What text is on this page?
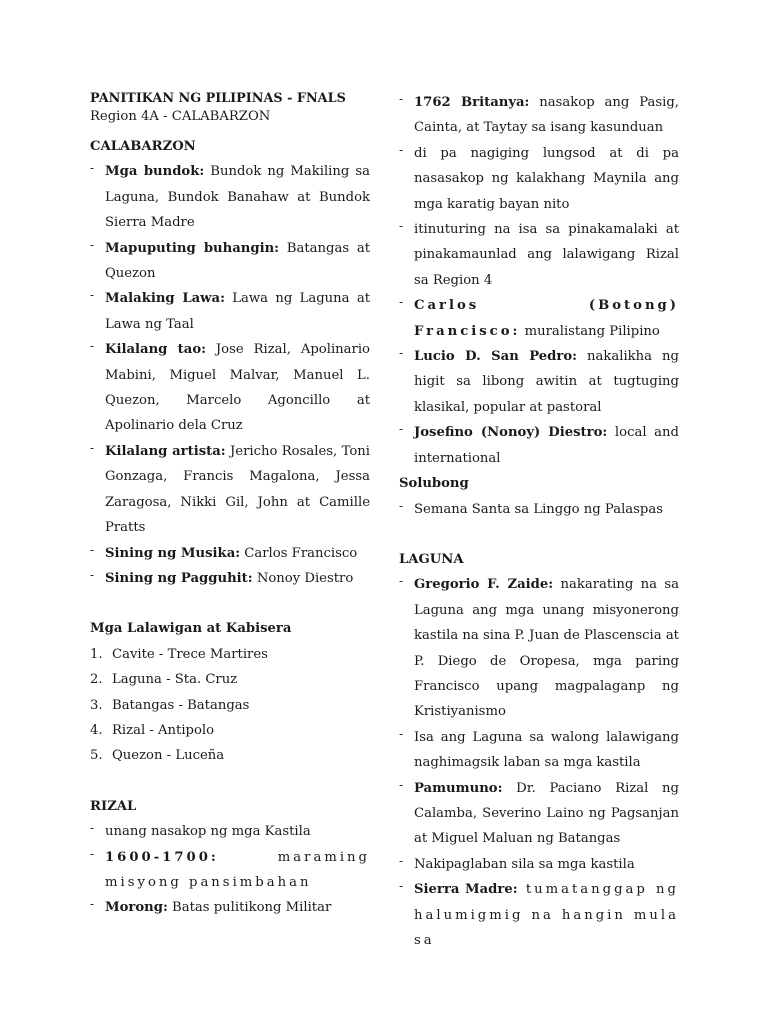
PANITIKAN NG PILIPINAS - FNALS

Region 4A - CALABARZON

CALABARZON

- Mga bundok: Bundok ng Makiling sa Laguna, Bundok Banahaw at Bundok Sierra Madre
- Mapuputing buhangin: Batangas at Quezon
- Malaking Lawa: Lawa ng Laguna at Lawa ng Taal
- Kilalang tao: Jose Rizal, Apolinario Mabini, Miguel Malvar, Manuel L. Quezon, Marcelo Agoncillo at Apolinario dela Cruz
- Kilalang artista: Jericho Rosales, Toni Gonzaga, Francis Magalona, Jessa Zaragosa, Nikki Gil, John at Camille Pratts
- Sining ng Musika: Carlos Francisco
- Sining ng Pagguhit: Nonoy Diestro

Mga Lalawigan at Kabisera

1. Cavite - Trece Martires
2. Laguna - Sta. Cruz
3. Batangas - Batangas
4. Rizal - Antipolo
5. Quezon - Luceña

RIZAL

- unang nasakop ng mga Kastila
- 1600-1700: maraming misyong pansimbahan
- Morong: Batas pulitikong Militar
- 1762 Britanya: nasakop ang Pasig, Cainta, at Taytay sa isang kasunduan
- di pa nagiging lungsod at di pa nasasakop ng kalakhang Maynila ang mga karatig bayan nito
- itinuturing na isa sa pinakamalaki at pinakamaunlad ang lalawigang Rizal sa Region 4
- Carlos (Botong) Francisco: muralistang Pilipino
- Lucio D. San Pedro: nakalikha ng higit sa libong awitin at tugtuging klasikal, popular at pastoral
- Josefino (Nonoy) Diestro: local and international

Solubong

- Semana Santa sa Linggo ng Palaspas

LAGUNA

- Gregorio F. Zaide: nakarating na sa Laguna ang mga unang misyonerong kastila na sina P. Juan de Plascenscia at P. Diego de Oropesa, mga paring Francisco upang magpalaganp ng Kristiyanismo
- Isa ang Laguna sa walong lalawigang naghimagsik laban sa mga kastila
- Pamumuno: Dr. Paciano Rizal ng Calamba, Severino Laino ng Pagsanjan at Miguel Maluan ng Batangas
- Nakipaglaban sila sa mga kastila
- Sierra Madre: tumatanggap ng halumigmig na hangin mula sa
